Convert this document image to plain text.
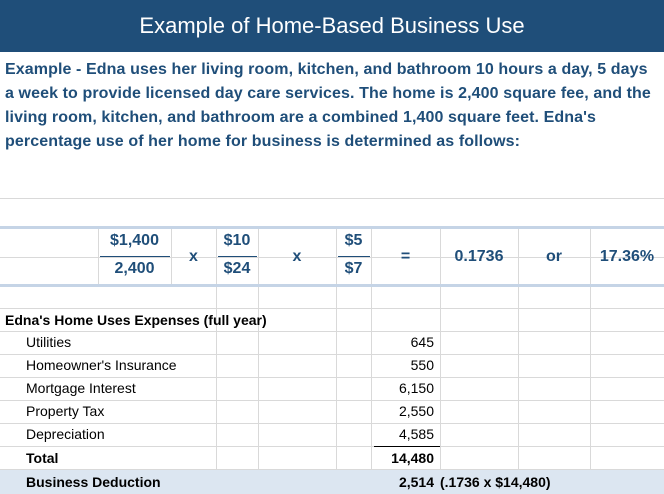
Example of Home-Based Business Use
Example - Edna uses her living room, kitchen, and bathroom 10 hours a day, 5 days a week to provide licensed day care services. The home is 2,400 square fee, and the living room, kitchen, and bathroom are a combined 1,400 square feet. Edna's percentage use of her home for business is determined as follows:
$1,400
2,400
x
$10
$24
x
$5
$7
=	0.1736	or	17.36%
Edna's Home Uses Expenses (full year)
Utilities	645
Homeowner's Insurance	550
Mortgage Interest	6,150
Property Tax	2,550
Depreciation	4,585
Total	14,480
Business Deduction	2,514 (.1736 x $14,480)
